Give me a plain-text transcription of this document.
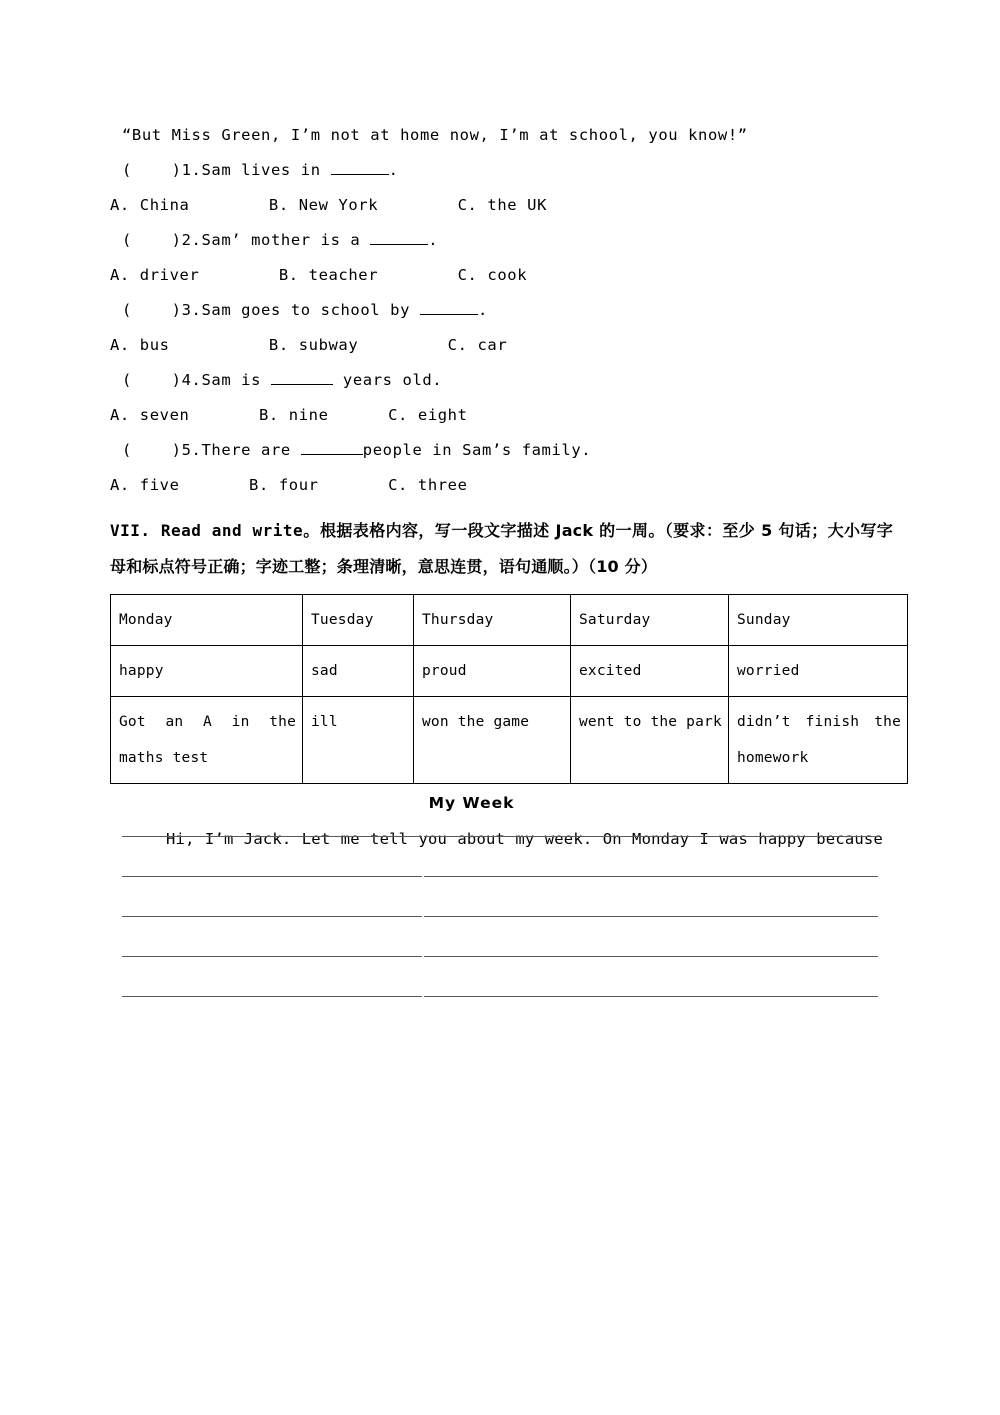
“But Miss Green, I’m not at home now, I’m at school, you know!”
(    )1.Sam lives in	.
A. China        B. New York        C. the UK
(    )2.Sam’ mother is a	.
A. driver        B. teacher        C. cook
(    )3.Sam goes to school by	.
A. bus          B. subway         C. car
(    )4.Sam is	years old.
A. seven       B. nine      C. eight
(    )5.There are	people in Sam’s family.
A. five       B. four       C. three
VII. Read and write。根据表格内容，写一段文字描述 Jack 的一周。（要求：至少 5 句话；大小写字母和标点符号正确；字迹工整；条理清晰，意思连贯，语句通顺。）（10 分）
Monday	Tuesday	Thursday	Saturday	Sunday
happy	sad	proud	excited	worried
Got an A in the maths test	ill	won the game	went to the park	didn’t finish the homework
My Week
Hi, I’m Jack. Let me tell you about my week. On Monday I was happy because
